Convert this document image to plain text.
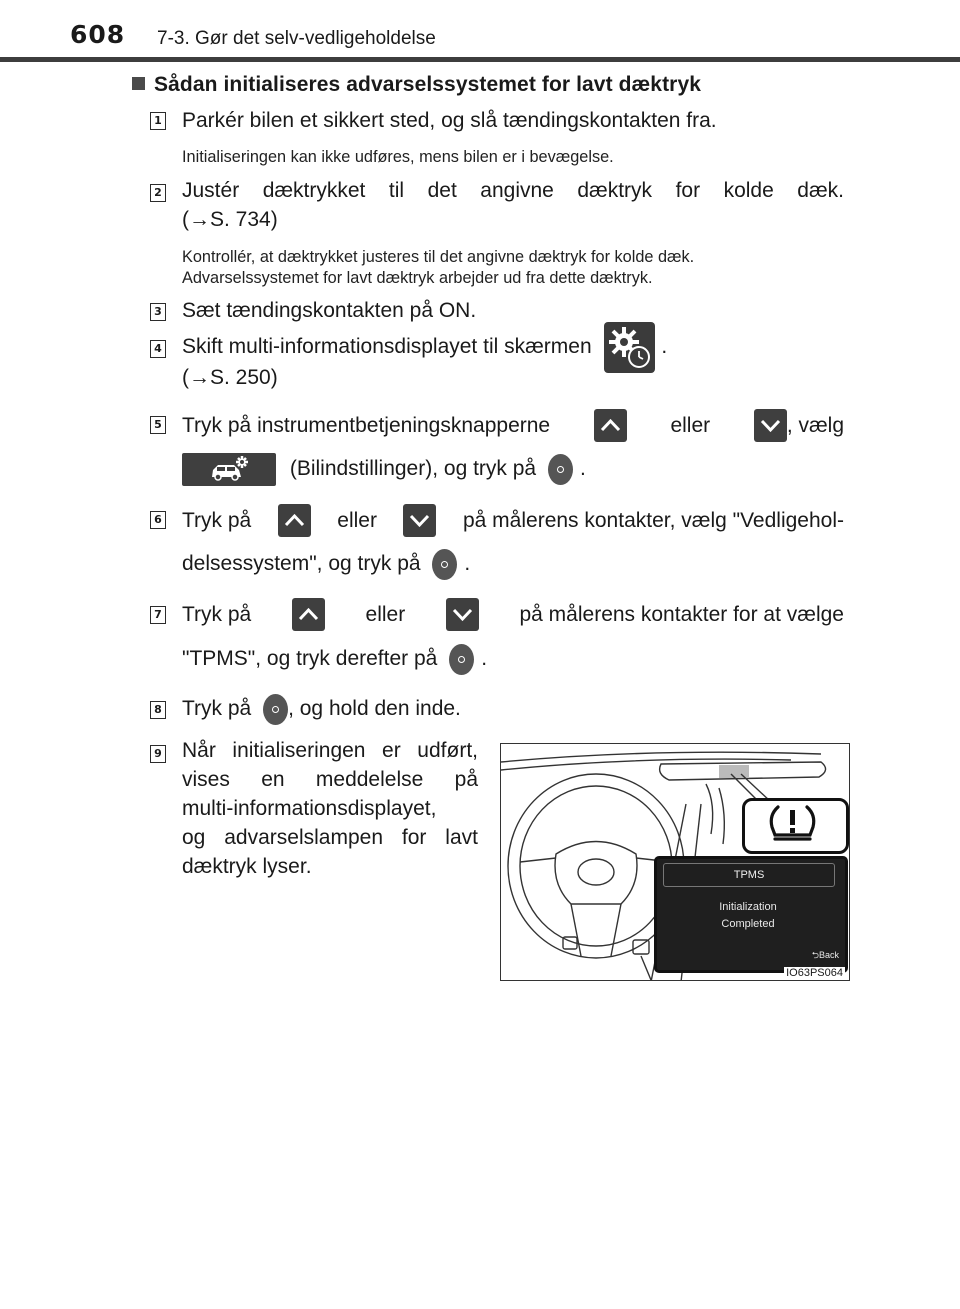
608 7-3. Gør det selv-vedligeholdelse
Sådan initialiseres advarselssystemet for lavt dæktryk
1 Parkér bilen et sikkert sted, og slå tændingskontakten fra.
Initialiseringen kan ikke udføres, mens bilen er i bevægelse.
2 Justér dæktrykket til det angivne dæktryk for kolde dæk.
(→S. 734)
Kontrollér, at dæktrykket justeres til det angivne dæktryk for kolde dæk.
Advarselssystemet for lavt dæktryk arbejder ud fra dette dæktryk.
3 Sæt tændingskontakten på ON.
4 Skift multi-informationsdisplayet til skærmen	.
(→S. 250)
5 Tryk på instrumentbetjeningsknapperne	eller	, vælg
(Bilindstillinger), og tryk på .
6 Tryk på	eller	på målerens kontakter, vælg "Vedligehol-
delsessystem", og tryk på .
7 Tryk på	eller	på målerens kontakter for at vælge
"TPMS", og tryk derefter på .
8 Tryk på , og hold den inde.
9 Når initialiseringen er udført,
vises en meddelelse på
multi-informationsdisplayet,
og advarselslampen for lavt
dæktryk lyser.	TPMS
Initialization
Completed
⮌Back
IO63PS064
